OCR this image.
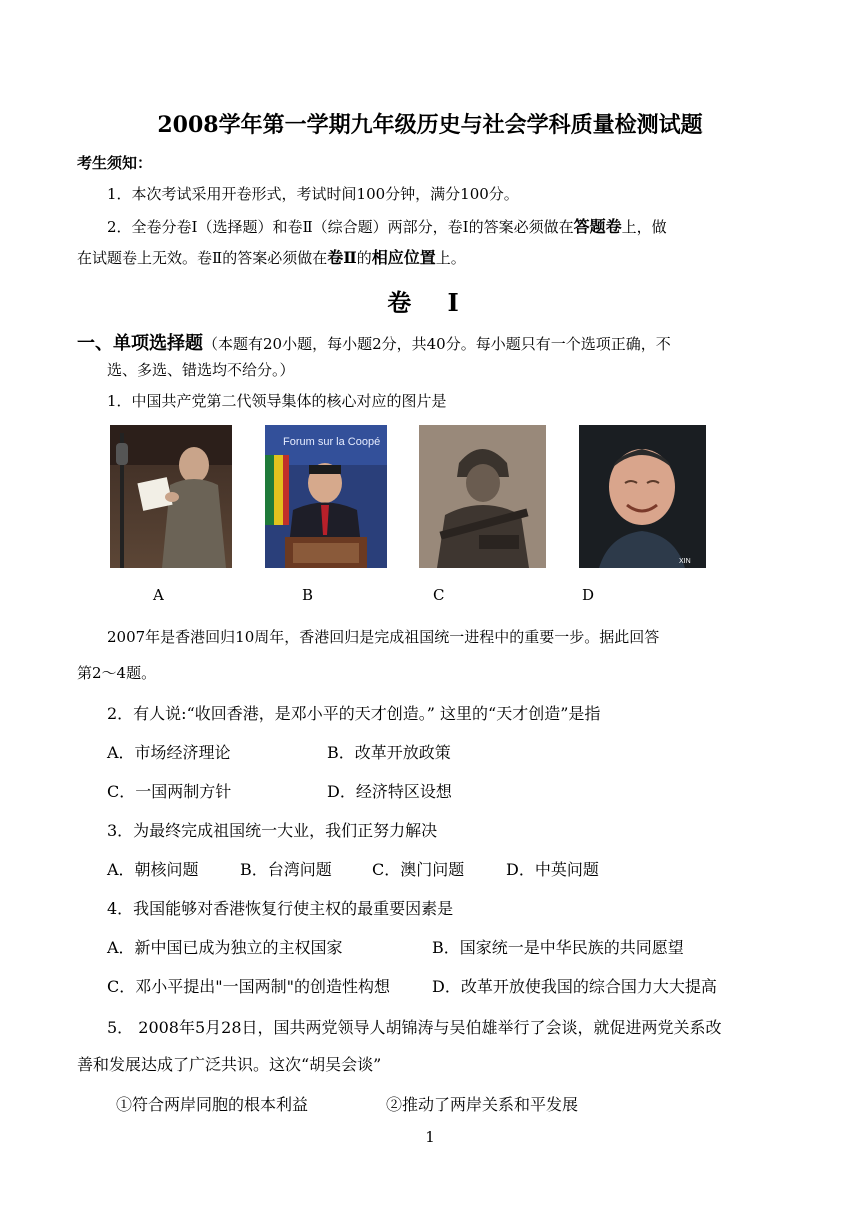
2008学年第一学期九年级历史与社会学科质量检测试题
考生须知：
1．本次考试采用开卷形式，考试时间100分钟，满分100分。
2．全卷分卷Ⅰ（选择题）和卷Ⅱ（综合题）两部分，卷Ⅰ的答案必须做在答题卷上，做
在试题卷上无效。卷Ⅱ的答案必须做在卷Ⅱ的相应位置上。
卷 Ⅰ
一、单项选择题（本题有20小题，每小题2分，共40分。每小题只有一个选项正确，不
选、多选、错选均不给分。）
1．中国共产党第二代领导集体的核心对应的图片是
Forum sur la Coopé
XIN
A	B	C	D
2007年是香港回归10周年，香港回归是完成祖国统一进程中的重要一步。据此回答
第2～4题。
2．有人说:“收回香港，是邓小平的天才创造。” 这里的“天才创造”是指
A．市场经济理论	B．改革开放政策
C．一国两制方针	D．经济特区设想
3．为最终完成祖国统一大业，我们正努力解决
A．朝核问题	B．台湾问题	C．澳门问题	D．中英问题
4．我国能够对香港恢复行使主权的最重要因素是
A．新中国已成为独立的主权国家	B．国家统一是中华民族的共同愿望
C．邓小平提出"一国两制"的创造性构想	D．改革开放使我国的综合国力大大提高
5． 2008年5月28日，国共两党领导人胡锦涛与吴伯雄举行了会谈，就促进两党关系改
善和发展达成了广泛共识。这次“胡吴会谈”
①符合两岸同胞的根本利益	②推动了两岸关系和平发展
1
